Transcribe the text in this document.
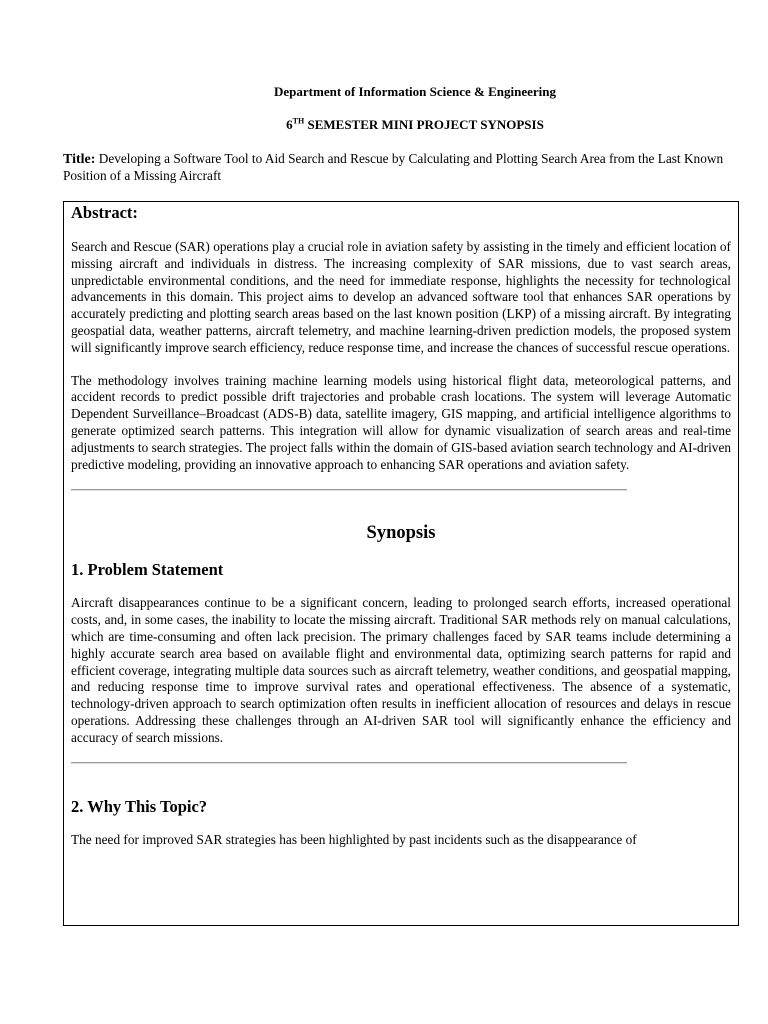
Department of Information Science & Engineering
6TH SEMESTER MINI PROJECT SYNOPSIS
Title: Developing a Software Tool to Aid Search and Rescue by Calculating and Plotting Search Area from the Last Known Position of a Missing Aircraft
Abstract:

Search and Rescue (SAR) operations play a crucial role in aviation safety by assisting in the timely and efficient location of missing aircraft and individuals in distress. The increasing complexity of SAR missions, due to vast search areas, unpredictable environmental conditions, and the need for immediate response, highlights the necessity for technological advancements in this domain. This project aims to develop an advanced software tool that enhances SAR operations by accurately predicting and plotting search areas based on the last known position (LKP) of a missing aircraft. By integrating geospatial data, weather patterns, aircraft telemetry, and machine learning-driven prediction models, the proposed system will significantly improve search efficiency, reduce response time, and increase the chances of successful rescue operations.

The methodology involves training machine learning models using historical flight data, meteorological patterns, and accident records to predict possible drift trajectories and probable crash locations. The system will leverage Automatic Dependent Surveillance–Broadcast (ADS-B) data, satellite imagery, GIS mapping, and artificial intelligence algorithms to generate optimized search patterns. This integration will allow for dynamic visualization of search areas and real-time adjustments to search strategies. The project falls within the domain of GIS-based aviation search technology and AI-driven predictive modeling, providing an innovative approach to enhancing SAR operations and aviation safety.

Synopsis
1. Problem Statement

Aircraft disappearances continue to be a significant concern, leading to prolonged search efforts, increased operational costs, and, in some cases, the inability to locate the missing aircraft. Traditional SAR methods rely on manual calculations, which are time-consuming and often lack precision. The primary challenges faced by SAR teams include determining a highly accurate search area based on available flight and environmental data, optimizing search patterns for rapid and efficient coverage, integrating multiple data sources such as aircraft telemetry, weather conditions, and geospatial mapping, and reducing response time to improve survival rates and operational effectiveness. The absence of a systematic, technology-driven approach to search optimization often results in inefficient allocation of resources and delays in rescue operations. Addressing these challenges through an AI-driven SAR tool will significantly enhance the efficiency and accuracy of search missions.

2. Why This Topic?

The need for improved SAR strategies has been highlighted by past incidents such as the disappearance of
